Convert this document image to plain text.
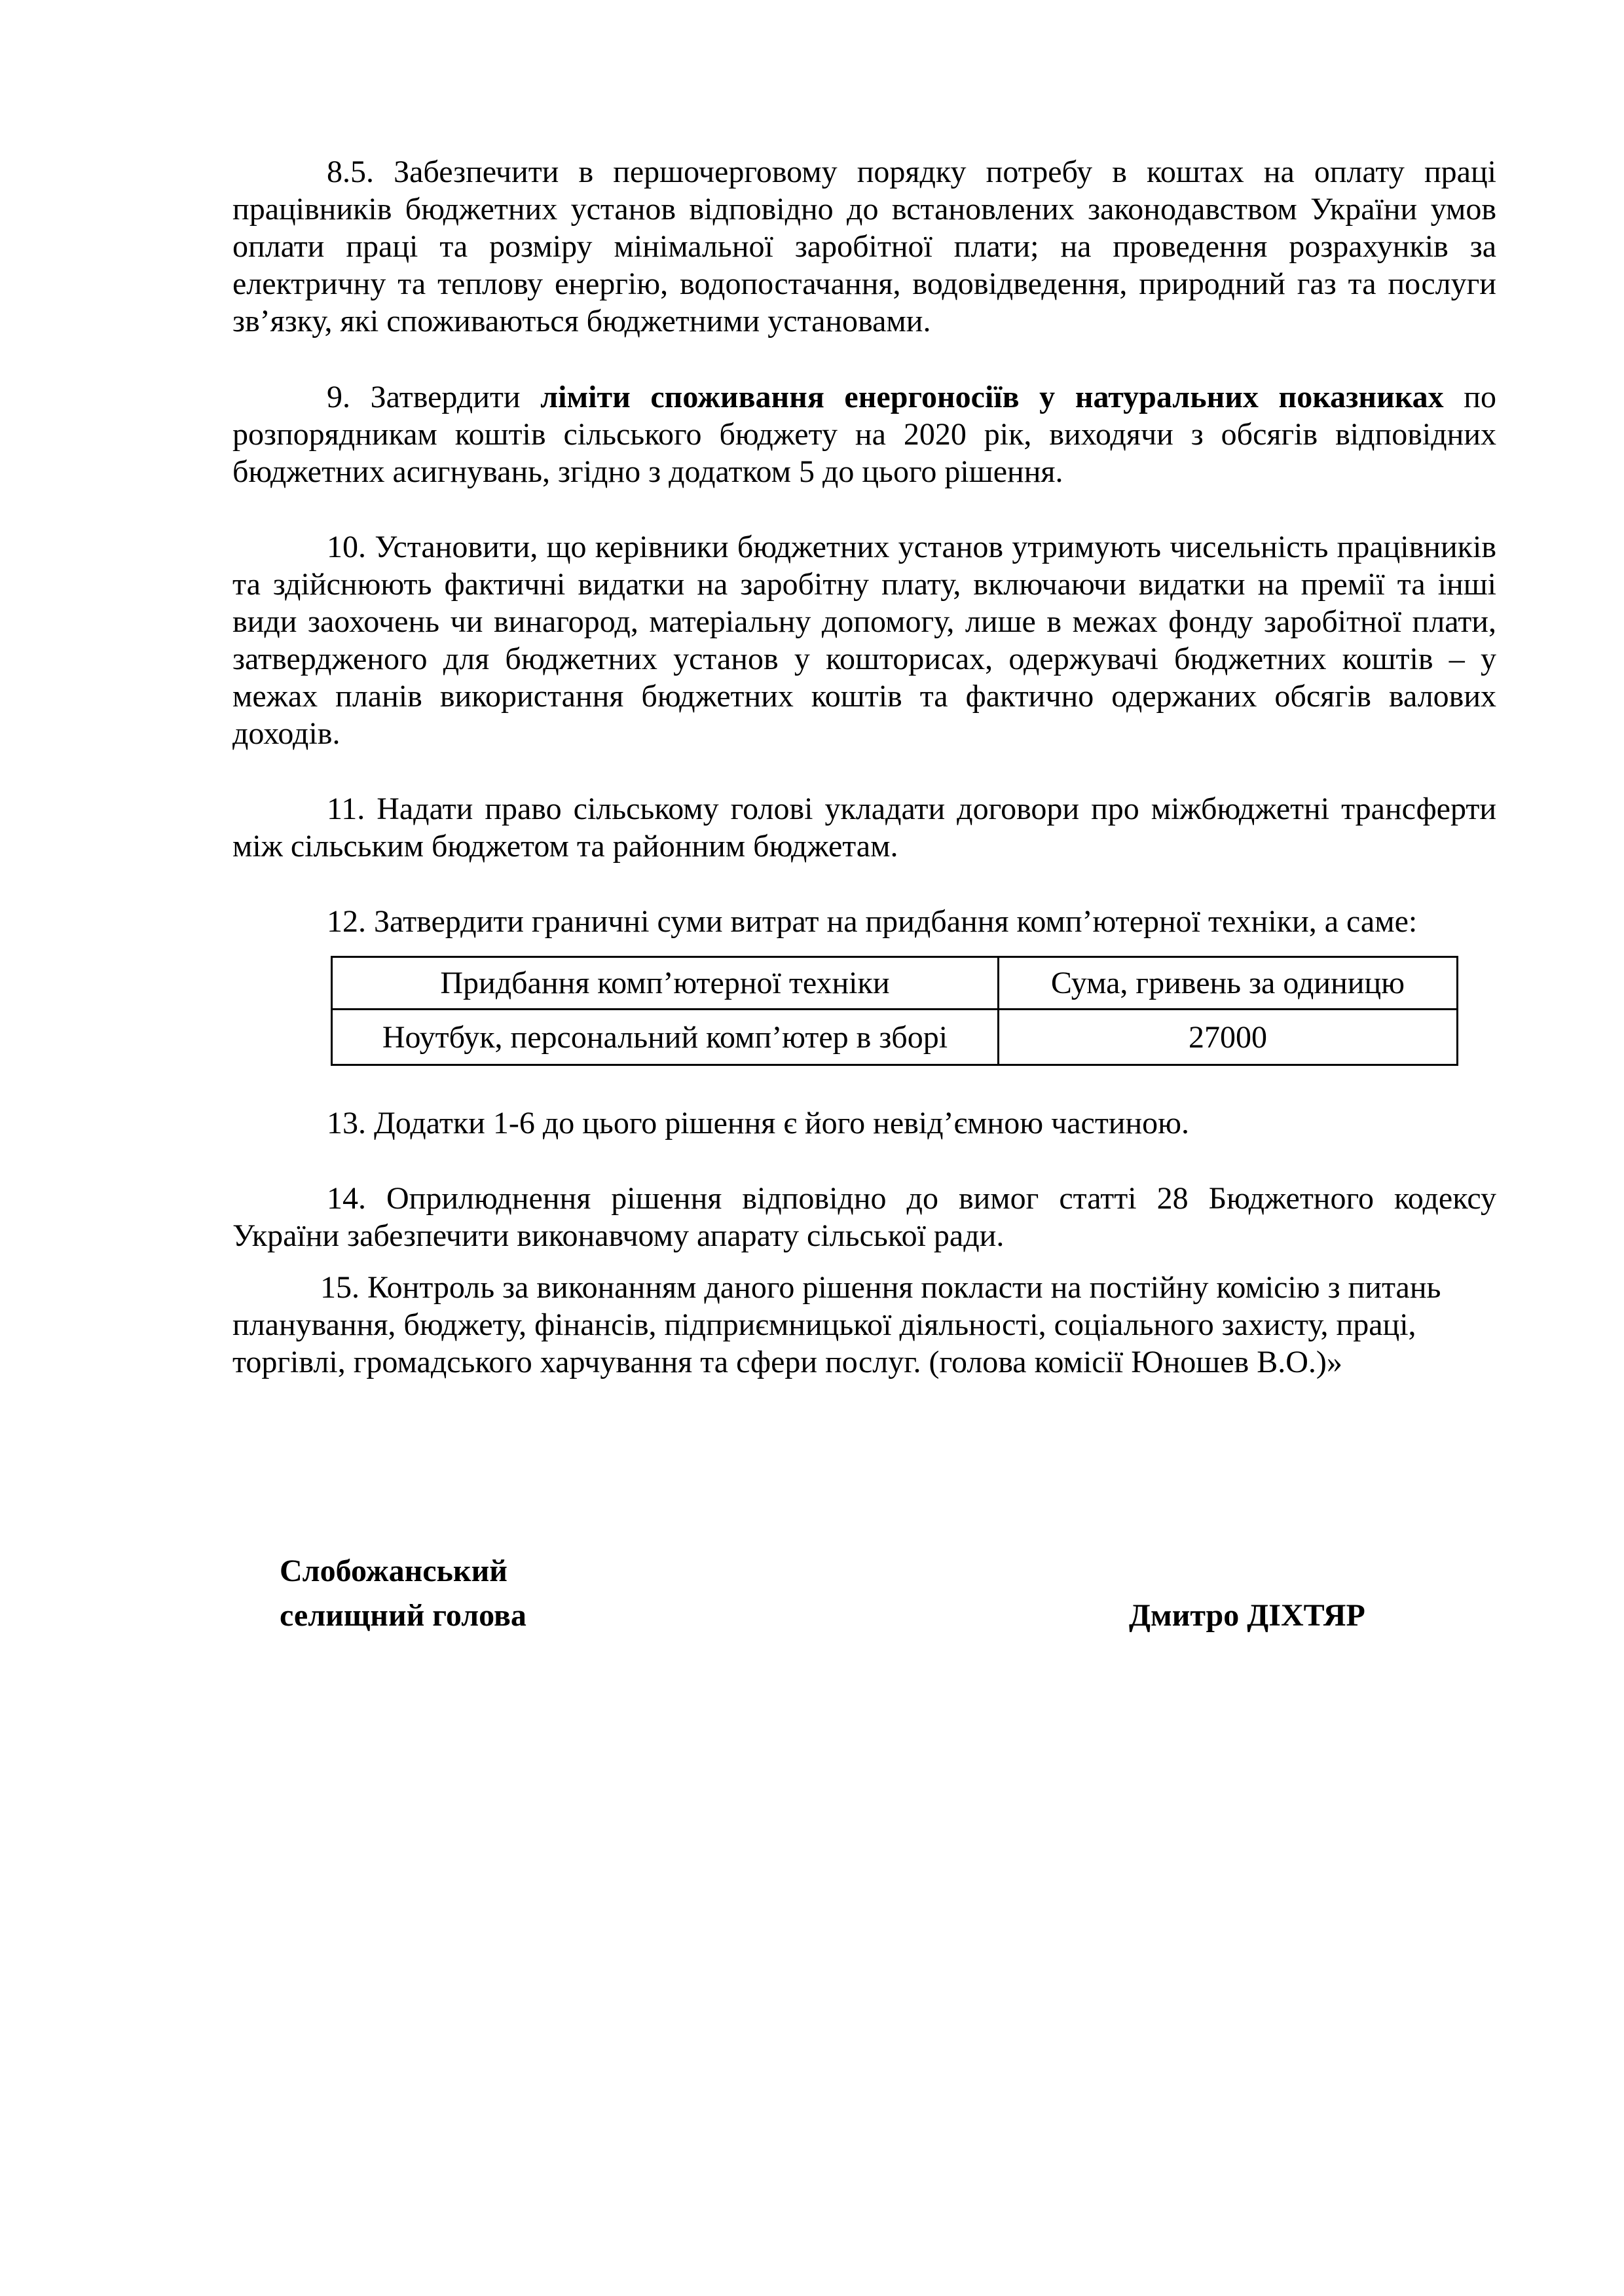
8.5. Забезпечити в першочерговому порядку потребу в коштах на оплату праці працівників бюджетних установ відповідно до встановлених законодавством України умов оплати праці та розміру мінімальної заробітної плати; на проведення розрахунків за електричну та теплову енергію, водопостачання, водовідведення, природний газ та послуги зв’язку, які споживаються бюджетними установами.

9. Затвердити ліміти споживання енергоносіїв у натуральних показниках по розпорядникам коштів сільського бюджету на 2020 рік, виходячи з обсягів відповідних бюджетних асигнувань, згідно з додатком 5 до цього рішення.

10. Установити, що керівники бюджетних установ утримують чисельність працівників та здійснюють фактичні видатки на заробітну плату, включаючи видатки на премії та інші види заохочень чи винагород, матеріальну допомогу, лише в межах фонду заробітної плати, затвердженого для бюджетних установ у кошторисах, одержувачі бюджетних коштів – у межах планів використання бюджетних коштів та фактично одержаних обсягів валових доходів.

11. Надати право сільському голові укладати договори про міжбюджетні трансферти між сільським бюджетом та районним бюджетам.

12. Затвердити граничні суми витрат на придбання комп’ютерної техніки, а саме:

Придбання комп’ютерної техніки	Сума, гривень за одиницю
Ноутбук, персональний комп’ютер в зборі	27000

13. Додатки 1-6 до цього рішення є його невід’ємною частиною.

14. Оприлюднення рішення відповідно до вимог статті 28 Бюджетного кодексу України забезпечити виконавчому апарату сільської ради.

15. Контроль за виконанням даного рішення покласти на постійну комісію з питань планування, бюджету, фінансів, підприємницької діяльності, соціального захисту, праці, торгівлі, громадського харчування та сфери послуг. (голова комісії Юношев В.О.)»

Слобожанський
селищний голова	Дмитро ДІХТЯР
